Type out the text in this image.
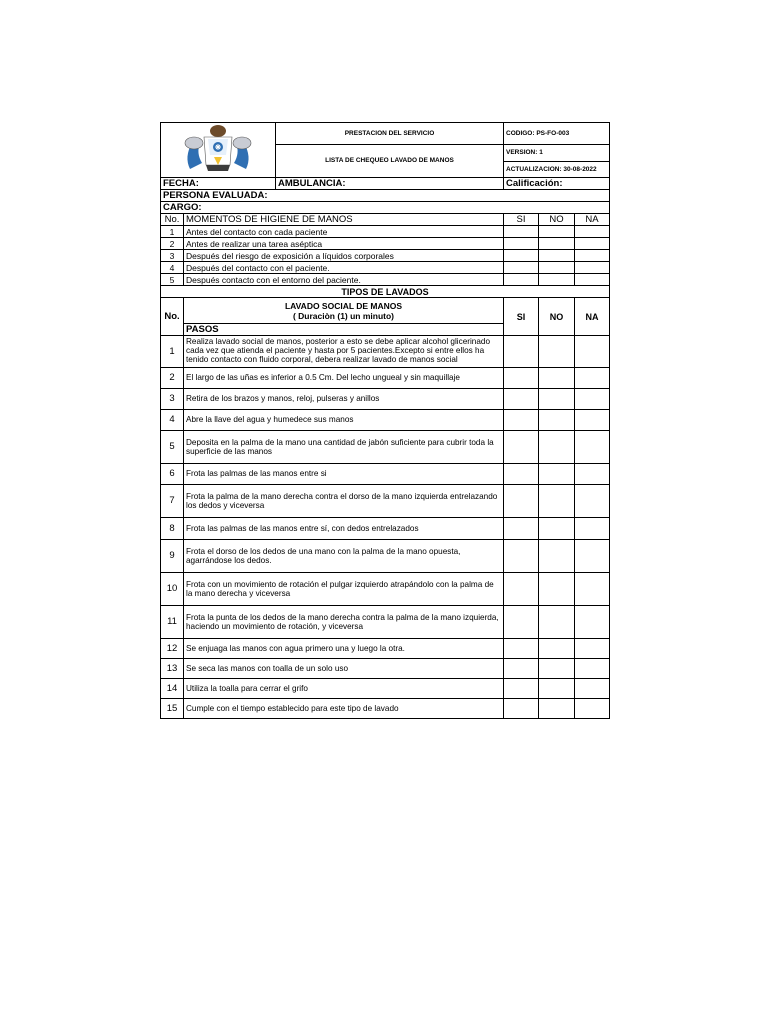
	PRESTACION DEL SERVICIO	CODIGO: PS-FO-003
	LISTA DE CHEQUEO LAVADO DE MANOS	VERSION: 1
		ACTUALIZACION: 30-08-2022
FECHA:		AMBULANCIA:	Calificación:		
PERSONA EVALUADA:					
CARGO:					
No.	MOMENTOS DE HIGIENE DE MANOS		SI	NO	NA
1	Antes del contacto con cada paciente				
2	Antes de realizar una tarea aséptica				
3	Después del riesgo de exposición a líquidos corporales				
4	Después del contacto con el paciente.				
5	Después contacto con el entorno del paciente.				
TIPOS DE LAVADOS					
No.	LAVADO SOCIAL DE MANOS
( Duraciòn (1) un minuto)	SI	NO	NA
	PASOS			
1	Realiza lavado social de manos, posterior a esto se debe aplicar alcohol glicerinado cada vez que atienda el paciente y hasta por 5 pacientes.Excepto si entre ellos ha tenido contacto con fluido corporal, debera realizar lavado de manos social			

2	El largo de las uñas es inferior a 0.5 Cm. Del lecho ungueal y sin maquillaje			
3	Retira de los brazos y manos, reloj, pulseras y anillos			
4	Abre la llave del agua y humedece sus manos			
5	Deposita en la palma de la mano una cantidad de jabón suficiente para cubrir toda la superficie de las manos			
6	Frota las palmas de las manos entre si			
7	Frota la palma de la mano derecha contra el dorso de la mano izquierda entrelazando los dedos y viceversa			
8	Frota las palmas de las manos entre sí, con dedos entrelazados			
9	Frota el dorso de los dedos de una mano con la palma de la mano opuesta, agarrándose los dedos.			
10	Frota con un movimiento de rotación el pulgar izquierdo atrapándolo con la palma de la mano derecha y viceversa			
11	Frota la punta de los dedos de la mano derecha contra la palma de la mano izquierda, haciendo un movimiento de rotación, y viceversa			
12	Se enjuaga las manos con agua primero una y luego la otra.			
13	Se seca las manos con toalla de un solo uso			
14	Utiliza la toalla para cerrar el grifo			
15	Cumple con el tiempo establecido para este tipo de lavado			
